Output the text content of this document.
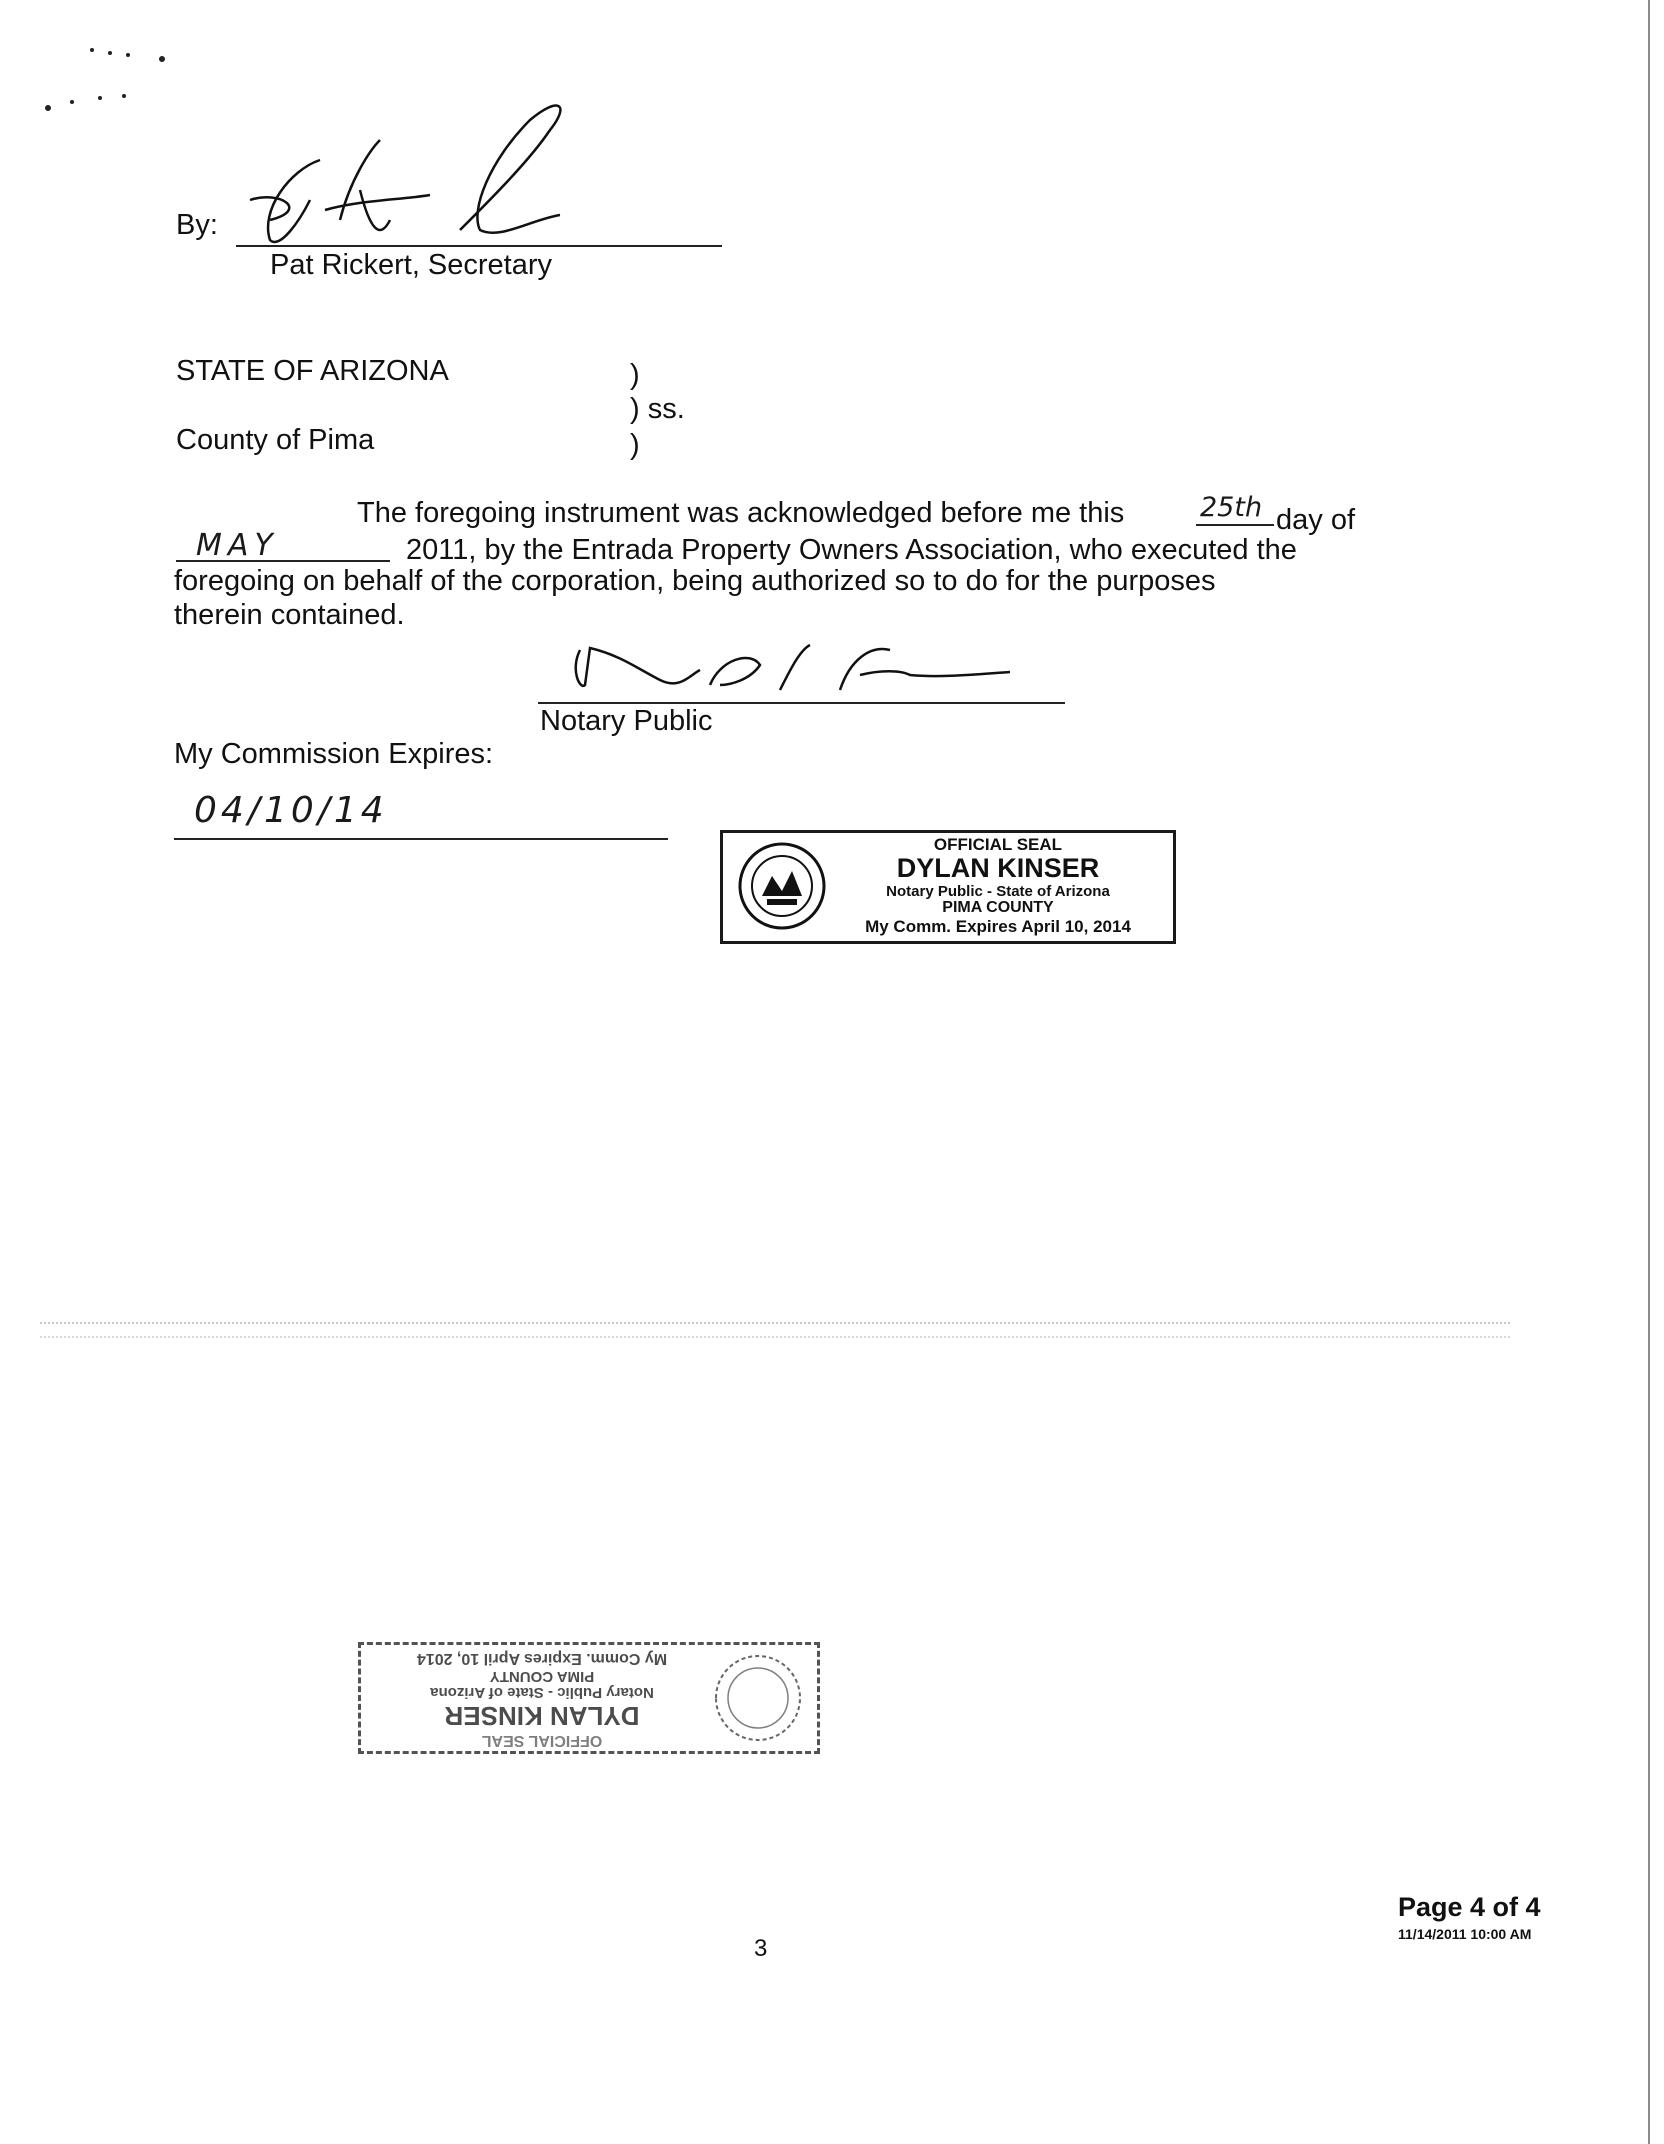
By:
Pat Rickert, Secretary
STATE OF ARIZONA	)
) ss.
County of Pima	)
The foregoing instrument was acknowledged before me this	25th day of
MAY	2011, by the Entrada Property Owners Association, who executed the
foregoing on behalf of the corporation, being authorized so to do for the purposes
therein contained.
Notary Public
My Commission Expires:
04/10/14
OFFICIAL SEAL
DYLAN KINSER
Notary Public - State of Arizona
PIMA COUNTY
My Comm. Expires April 10, 2014
OFFICIAL SEAL
DYLAN KINSER
Notary Public - State of Arizona
PIMA COUNTY
My Comm. Expires April 10, 2014
3
Page 4 of 4
11/14/2011 10:00 AM
